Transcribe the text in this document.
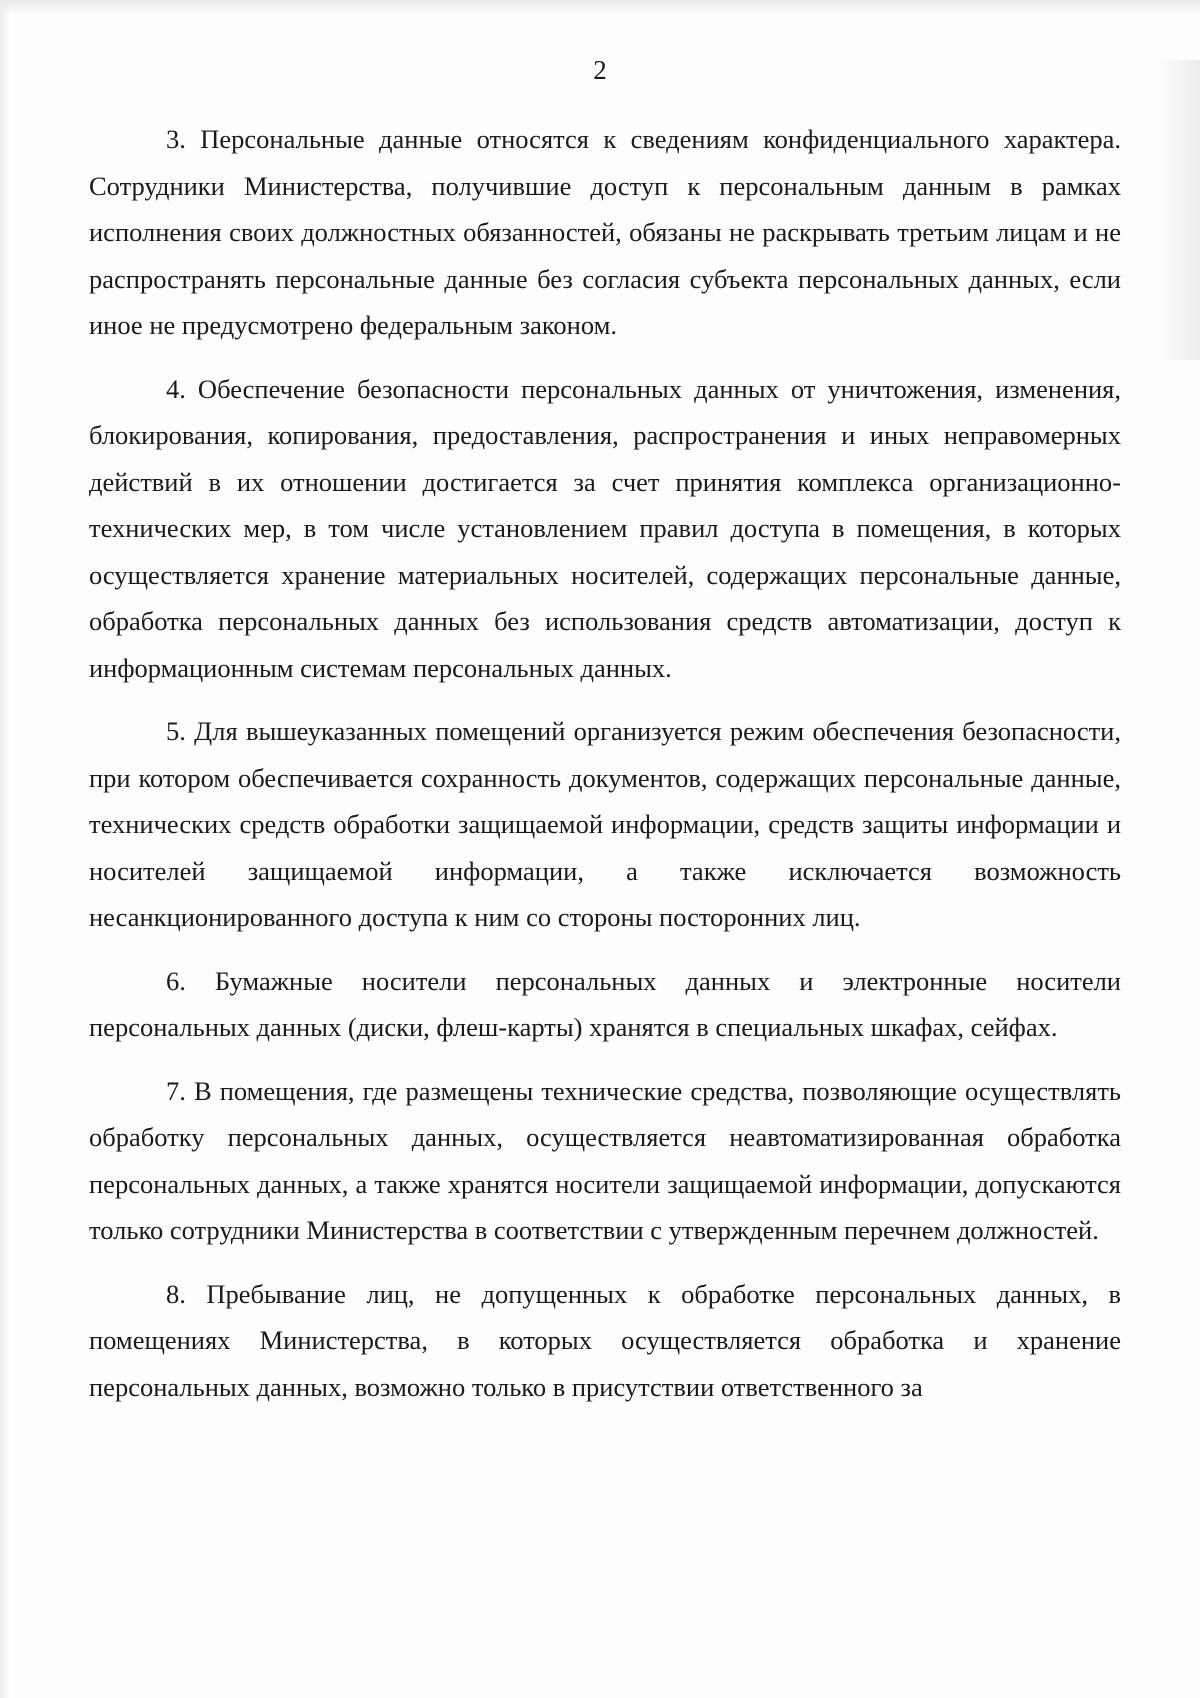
2

3. Персональные данные относятся к сведениям конфиденциального характера. Сотрудники Министерства, получившие доступ к персональным данным в рамках исполнения своих должностных обязанностей, обязаны не раскрывать третьим лицам и не распространять персональные данные без согласия субъекта персональных данных, если иное не предусмотрено федеральным законом.

4. Обеспечение безопасности персональных данных от уничтожения, изменения, блокирования, копирования, предоставления, распространения и иных неправомерных действий в их отношении достигается за счет принятия комплекса организационно-технических мер, в том числе установлением правил доступа в помещения, в которых осуществляется хранение материальных носителей, содержащих персональные данные, обработка персональных данных без использования средств автоматизации, доступ к информационным системам персональных данных.

5. Для вышеуказанных помещений организуется режим обеспечения безопасности, при котором обеспечивается сохранность документов, содержащих персональные данные, технических средств обработки защищаемой информации, средств защиты информации и носителей защищаемой информации, а также исключается возможность несанкционированного доступа к ним со стороны посторонних лиц.

6. Бумажные носители персональных данных и электронные носители персональных данных (диски, флеш-карты) хранятся в специальных шкафах, сейфах.

7. В помещения, где размещены технические средства, позволяющие осуществлять обработку персональных данных, осуществляется неавтоматизированная обработка персональных данных, а также хранятся носители защищаемой информации, допускаются только сотрудники Министерства в соответствии с утвержденным перечнем должностей.

8. Пребывание лиц, не допущенных к обработке персональных данных, в помещениях Министерства, в которых осуществляется обработка и хранение персональных данных, возможно только в присутствии ответственного за
